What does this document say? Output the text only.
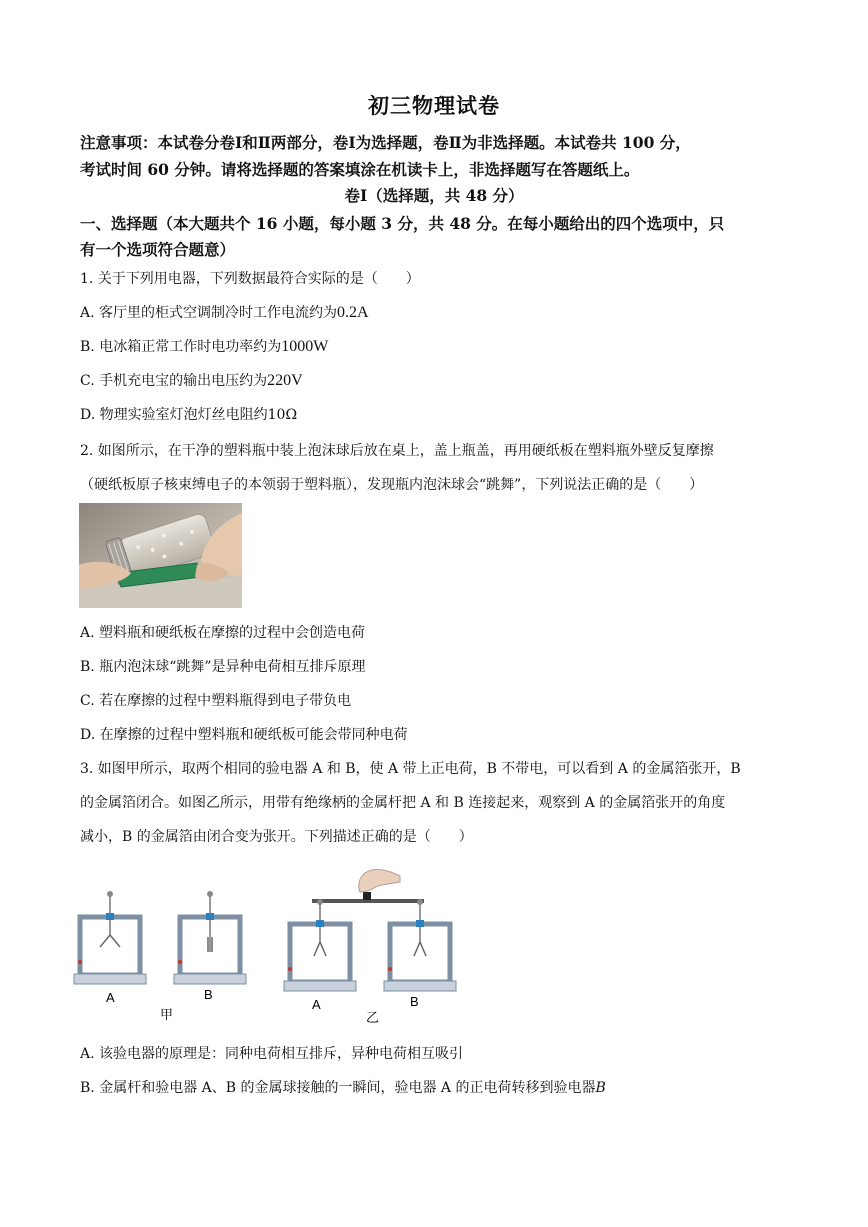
初三物理试卷
注意事项：本试卷分卷Ⅰ和Ⅱ两部分，卷Ⅰ为选择题，卷Ⅱ为非选择题。本试卷共 100 分，
考试时间 60 分钟。请将选择题的答案填涂在机读卡上，非选择题写在答题纸上。
卷Ⅰ（选择题，共 48 分）
一、选择题（本大题共个 16 小题，每小题 3 分，共 48 分。在每小题给出的四个选项中，只
有一个选项符合题意）
1. 关于下列用电器，下列数据最符合实际的是（　　）
A. 客厅里的柜式空调制冷时工作电流约为0.2A
B. 电冰箱正常工作时电功率约为1000W
C. 手机充电宝的输出电压约为220V
D. 物理实验室灯泡灯丝电阻约10Ω
2. 如图所示，在干净的塑料瓶中装上泡沫球后放在桌上，盖上瓶盖，再用硬纸板在塑料瓶外壁反复摩擦
（硬纸板原子核束缚电子的本领弱于塑料瓶），发现瓶内泡沫球会“跳舞”，下列说法正确的是（　　）
A. 塑料瓶和硬纸板在摩擦的过程中会创造电荷
B. 瓶内泡沫球“跳舞”是异种电荷相互排斥原理
C. 若在摩擦的过程中塑料瓶得到电子带负电
D. 在摩擦的过程中塑料瓶和硬纸板可能会带同种电荷
3. 如图甲所示，取两个相同的验电器 A 和 B，使 A 带上正电荷，B 不带电，可以看到 A 的金属箔张开，B
的金属箔闭合。如图乙所示，用带有绝缘柄的金属杆把 A 和 B 连接起来，观察到 A 的金属箔张开的角度
减小，B 的金属箔由闭合变为张开。下列描述正确的是（　　）
A	B
甲
A	B
乙
A. 该验电器的原理是：同种电荷相互排斥，异种电荷相互吸引
B. 金属杆和验电器 A、B 的金属球接触的一瞬间，验电器 A 的正电荷转移到验电器B
